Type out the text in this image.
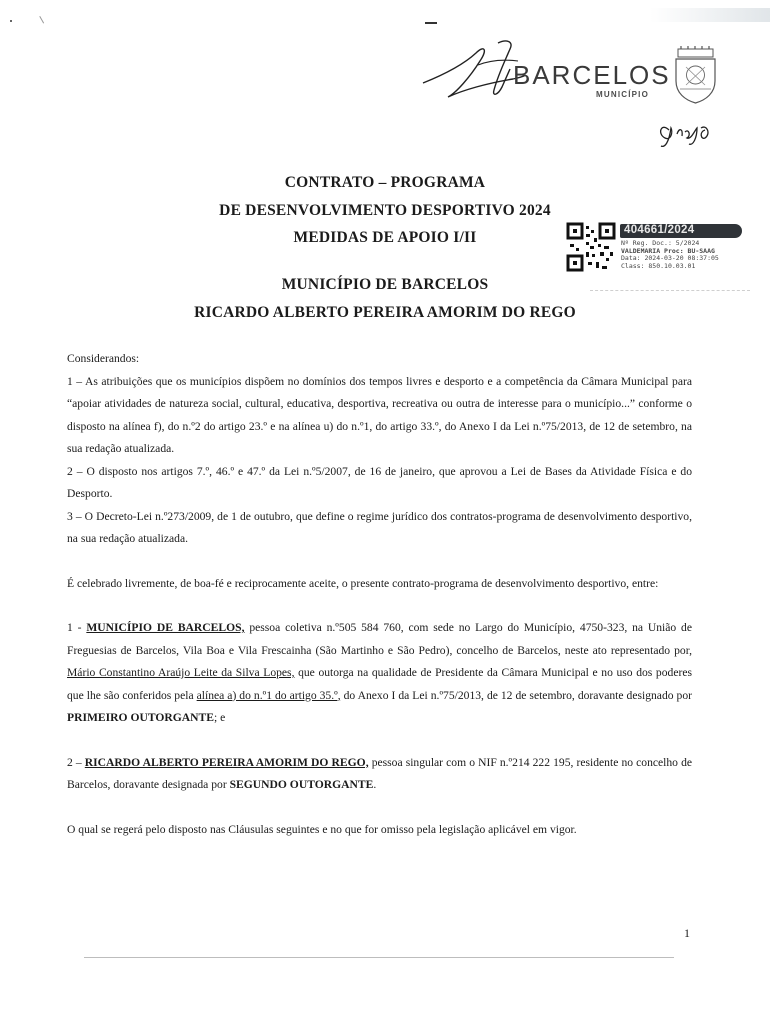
BARCELOS
MUNICÍPIO
CONTRATO – PROGRAMA
DE DESENVOLVIMENTO DESPORTIVO 2024
MEDIDAS DE APOIO I/II
MUNICÍPIO DE BARCELOS
RICARDO ALBERTO PEREIRA AMORIM DO REGO
404661/2024
Nº Reg. Doc.: 5/2024
VALDEMARIA Proc: BU-SAAG
Data: 2024-03-20 08:37:05
Class: 850.10.03.01
Considerandos:
1 – As atribuições que os municípios dispõem no domínios dos tempos livres e desporto e a competência da Câmara Municipal para “apoiar atividades de natureza social, cultural, educativa, desportiva, recreativa ou outra de interesse para o município...” conforme o disposto na alínea f), do n.º2 do artigo 23.º e na alínea u) do n.º1, do artigo 33.º, do Anexo I da Lei n.º75/2013, de 12 de setembro, na sua redação atualizada.
2 – O disposto nos artigos 7.º, 46.º e 47.º da Lei n.º5/2007, de 16 de janeiro, que aprovou a Lei de Bases da Atividade Física e do Desporto.
3 – O Decreto-Lei n.º273/2009, de 1 de outubro, que define o regime jurídico dos contratos-programa de desenvolvimento desportivo, na sua redação atualizada.
É celebrado livremente, de boa-fé e reciprocamente aceite, o presente contrato-programa de desenvolvimento desportivo, entre:
1 - MUNICÍPIO DE BARCELOS, pessoa coletiva n.º505 584 760, com sede no Largo do Município, 4750-323, na União de Freguesias de Barcelos, Vila Boa e Vila Frescainha (São Martinho e São Pedro), concelho de Barcelos, neste ato representado por, Mário Constantino Araújo Leite da Silva Lopes, que outorga na qualidade de Presidente da Câmara Municipal e no uso dos poderes que lhe são conferidos pela alínea a) do n.º1 do artigo 35.º, do Anexo I da Lei n.º75/2013, de 12 de setembro, doravante designado por PRIMEIRO OUTORGANTE; e
2 – RICARDO ALBERTO PEREIRA AMORIM DO REGO, pessoa singular com o NIF n.º214 222 195, residente no concelho de Barcelos, doravante designada por SEGUNDO OUTORGANTE.
O qual se regerá pelo disposto nas Cláusulas seguintes e no que for omisso pela legislação aplicável em vigor.
1
